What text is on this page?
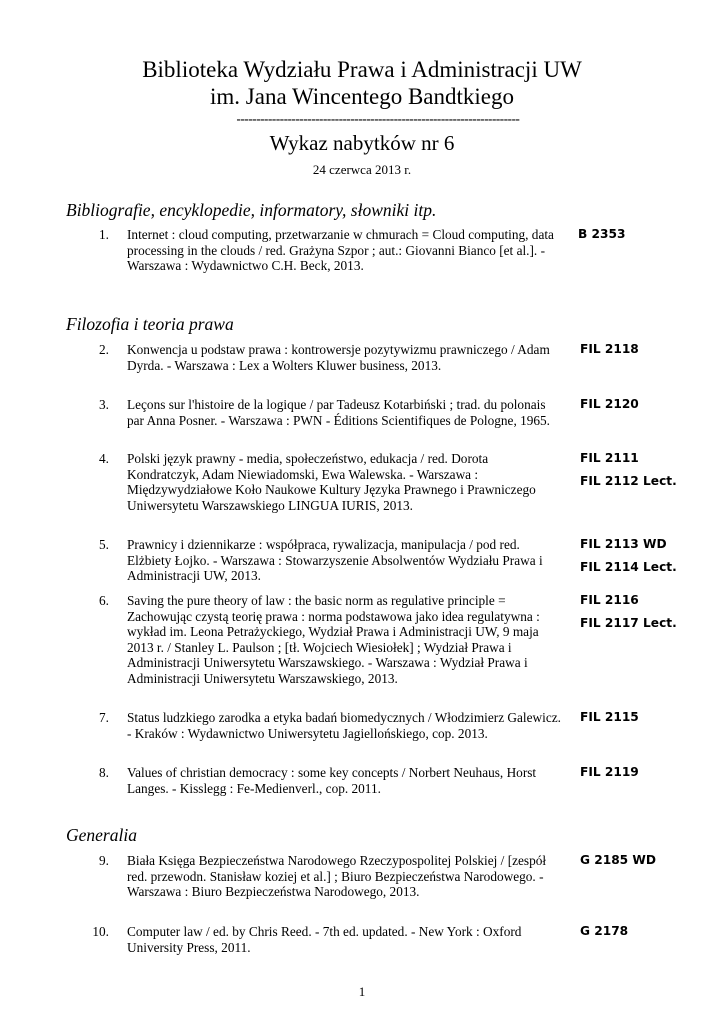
Biblioteka Wydziału Prawa i Administracji UW
im. Jana Wincentego Bandtkiego
------------------------------------------------------------------------
Wykaz nabytków nr 6
24 czerwca 2013 r.
Bibliografie, encyklopedie, informatory, słowniki itp.
1. Internet : cloud computing, przetwarzanie w chmurach = Cloud computing, data processing in the clouds / red. Grażyna Szpor ; aut.: Giovanni Bianco [et al.]. - Warszawa : Wydawnictwo C.H. Beck, 2013.
B 2353
Filozofia i teoria prawa
2. Konwencja u podstaw prawa : kontrowersje pozytywizmu prawniczego / Adam Dyrda. - Warszawa : Lex a Wolters Kluwer business, 2013.
FIL 2118
3. Leçons sur l'histoire de la logique / par Tadeusz Kotarbiński ; trad. du polonais par Anna Posner. - Warszawa : PWN - Éditions Scientifiques de Pologne, 1965.
FIL 2120
4. Polski język prawny - media, społeczeństwo, edukacja / red. Dorota Kondratczyk, Adam Niewiadomski, Ewa Walewska. - Warszawa : Międzywydziałowe Koło Naukowe Kultury Języka Prawnego i Prawniczego Uniwersytetu Warszawskiego LINGUA IURIS, 2013.
FIL 2111
FIL 2112 Lect.
5. Prawnicy i dziennikarze : współpraca, rywalizacja, manipulacja / pod red. Elżbiety Łojko. - Warszawa : Stowarzyszenie Absolwentów Wydziału Prawa i Administracji UW, 2013.
FIL 2113 WD
FIL 2114 Lect.
6. Saving the pure theory of law : the basic norm as regulative principle = Zachowując czystą teorię prawa : norma podstawowa jako idea regulatywna : wykład im. Leona Petrażyckiego, Wydział Prawa i Administracji UW, 9 maja 2013 r. / Stanley L. Paulson ; [tł. Wojciech Wiesiołek] ; Wydział Prawa i Administracji Uniwersytetu Warszawskiego. - Warszawa : Wydział Prawa i Administracji Uniwersytetu Warszawskiego, 2013.
FIL 2116
FIL 2117 Lect.
7. Status ludzkiego zarodka a etyka badań biomedycznych / Włodzimierz Galewicz. - Kraków : Wydawnictwo Uniwersytetu Jagiellońskiego, cop. 2013.
FIL 2115
8. Values of christian democracy : some key concepts / Norbert Neuhaus, Horst Langes. - Kisslegg : Fe-Medienverl., cop. 2011.
FIL 2119
Generalia
9. Biała Księga Bezpieczeństwa Narodowego Rzeczypospolitej Polskiej / [zespół red. przewodn. Stanisław koziej et al.] ; Biuro Bezpieczeństwa Narodowego. - Warszawa : Biuro Bezpieczeństwa Narodowego, 2013.
G 2185 WD
10. Computer law / ed. by Chris Reed. - 7th ed. updated. - New York : Oxford University Press, 2011.
G 2178
1
